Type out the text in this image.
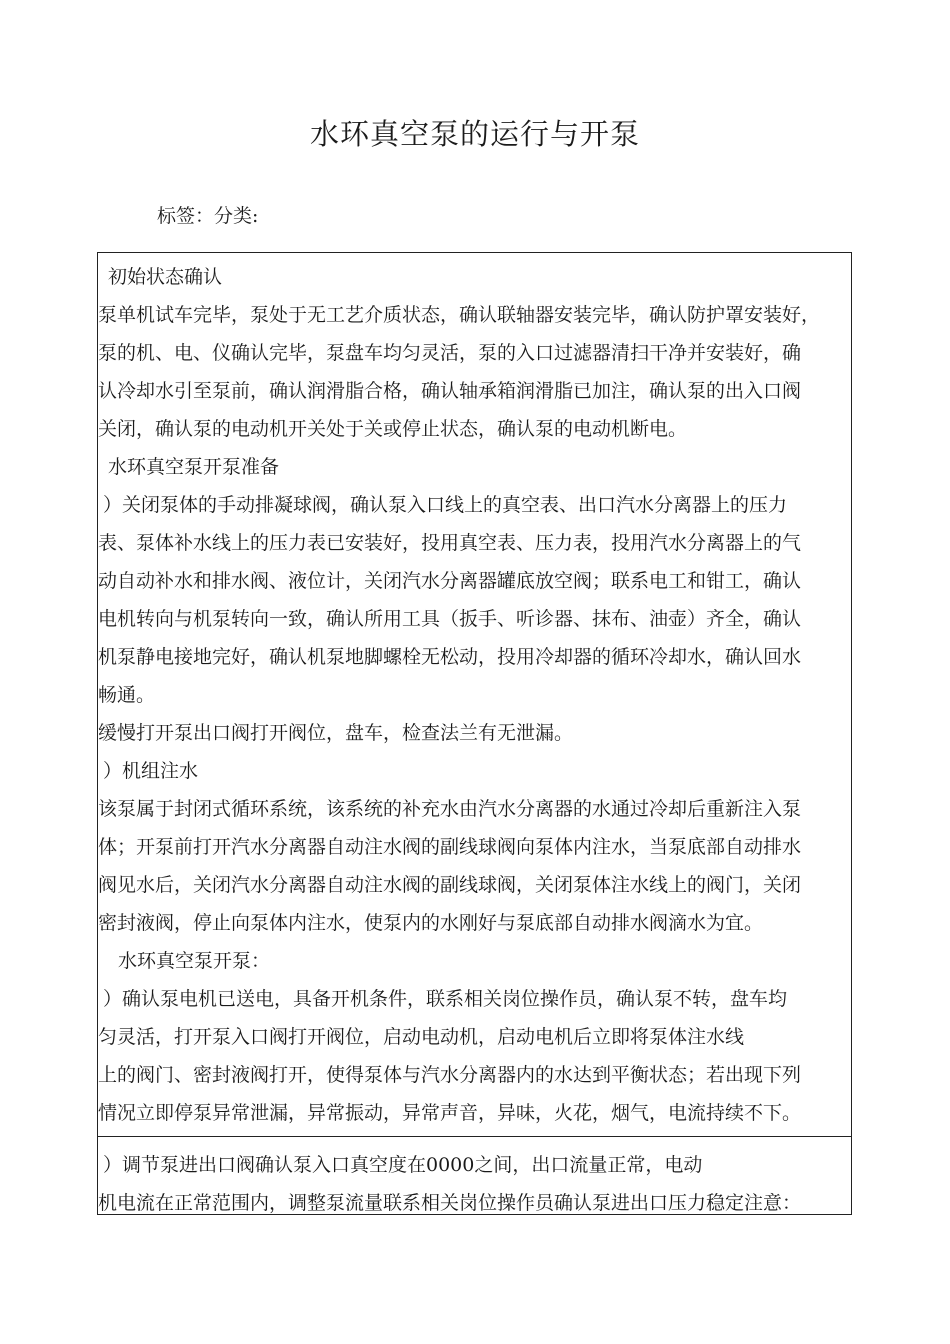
水环真空泵的运行与开泵
标签：分类:
初始状态确认
泵单机试车完毕，泵处于无工艺介质状态，确认联轴器安装完毕，确认防护罩安装好，
泵的机、电、仪确认完毕，泵盘车均匀灵活，泵的入口过滤器清扫干净并安装好，确
认冷却水引至泵前，确认润滑脂合格，确认轴承箱润滑脂已加注，确认泵的出入口阀
关闭，确认泵的电动机开关处于关或停止状态，确认泵的电动机断电。
水环真空泵开泵准备
）关闭泵体的手动排凝球阀，确认泵入口线上的真空表、出口汽水分离器上的压力
表、泵体补水线上的压力表已安装好，投用真空表、压力表，投用汽水分离器上的气
动自动补水和排水阀、液位计，关闭汽水分离器罐底放空阀；联系电工和钳工，确认
电机转向与机泵转向一致，确认所用工具（扳手、听诊器、抹布、油壶）齐全，确认
机泵静电接地完好，确认机泵地脚螺栓无松动，投用冷却器的循环冷却水，确认回水
畅通。
缓慢打开泵出口阀打开阀位，盘车，检查法兰有无泄漏。
）机组注水
该泵属于封闭式循环系统，该系统的补充水由汽水分离器的水通过冷却后重新注入泵
体；开泵前打开汽水分离器自动注水阀的副线球阀向泵体内注水，当泵底部自动排水
阀见水后，关闭汽水分离器自动注水阀的副线球阀，关闭泵体注水线上的阀门，关闭
密封液阀，停止向泵体内注水，使泵内的水刚好与泵底部自动排水阀滴水为宜。
水环真空泵开泵：
）确认泵电机已送电，具备开机条件，联系相关岗位操作员，确认泵不转，盘车均
匀灵活，打开泵入口阀打开阀位，启动电动机，启动电机后立即将泵体注水线
上的阀门、密封液阀打开，使得泵体与汽水分离器内的水达到平衡状态；若出现下列
情况立即停泵异常泄漏，异常振动，异常声音，异味，火花，烟气，电流持续不下。
）调节泵进出口阀确认泵入口真空度在0000之间，出口流量正常，电动
机电流在正常范围内，调整泵流量联系相关岗位操作员确认泵进出口压力稳定注意：
